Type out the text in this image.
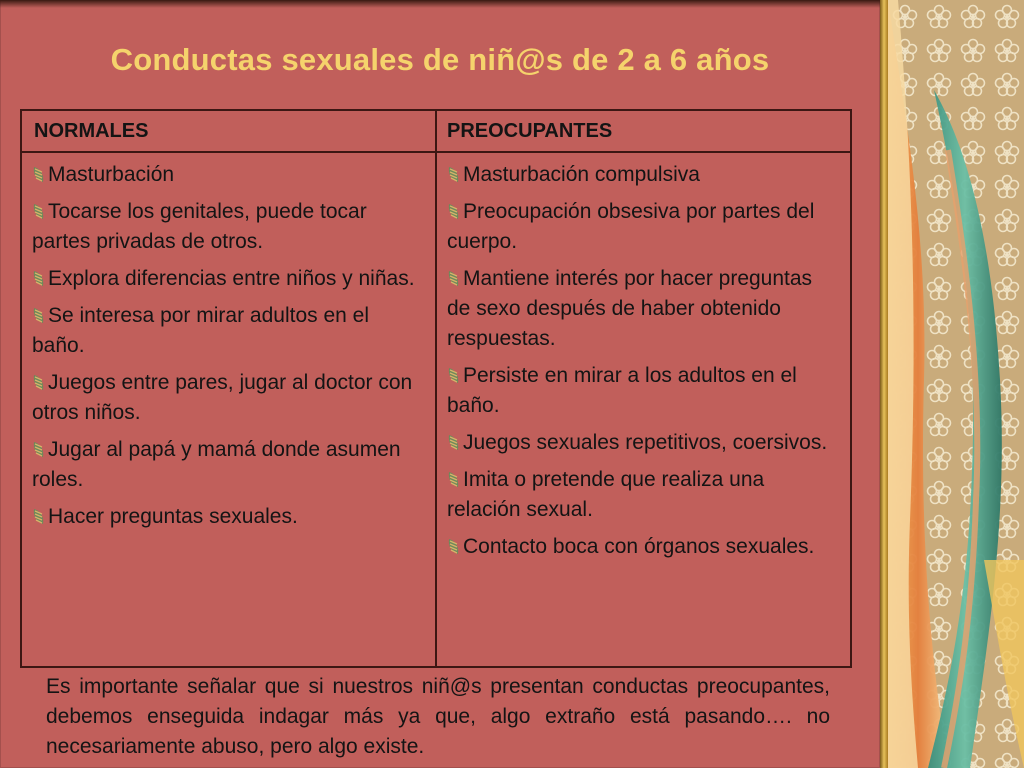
Conductas sexuales de niñ@s de 2 a 6 años
NORMALES	PREOCUPANTES
Masturbación
Tocarse los genitales, puede tocar partes privadas de otros.
Explora diferencias entre niños y niñas.
Se interesa por mirar adultos en el baño.
Juegos entre pares, jugar al doctor con otros niños.
Jugar al papá y mamá donde asumen roles.
Hacer preguntas sexuales.
Masturbación compulsiva
Preocupación obsesiva por partes del cuerpo.
Mantiene interés por hacer preguntas de sexo después de haber obtenido respuestas.
Persiste en mirar a los adultos en el baño.
Juegos sexuales repetitivos, coersivos.
Imita o pretende que realiza una relación sexual.
Contacto boca con órganos sexuales.
Es importante señalar que si nuestros niñ@s presentan conductas preocupantes, debemos enseguida indagar más ya que, algo extraño está pasando…. no necesariamente abuso, pero algo existe.
